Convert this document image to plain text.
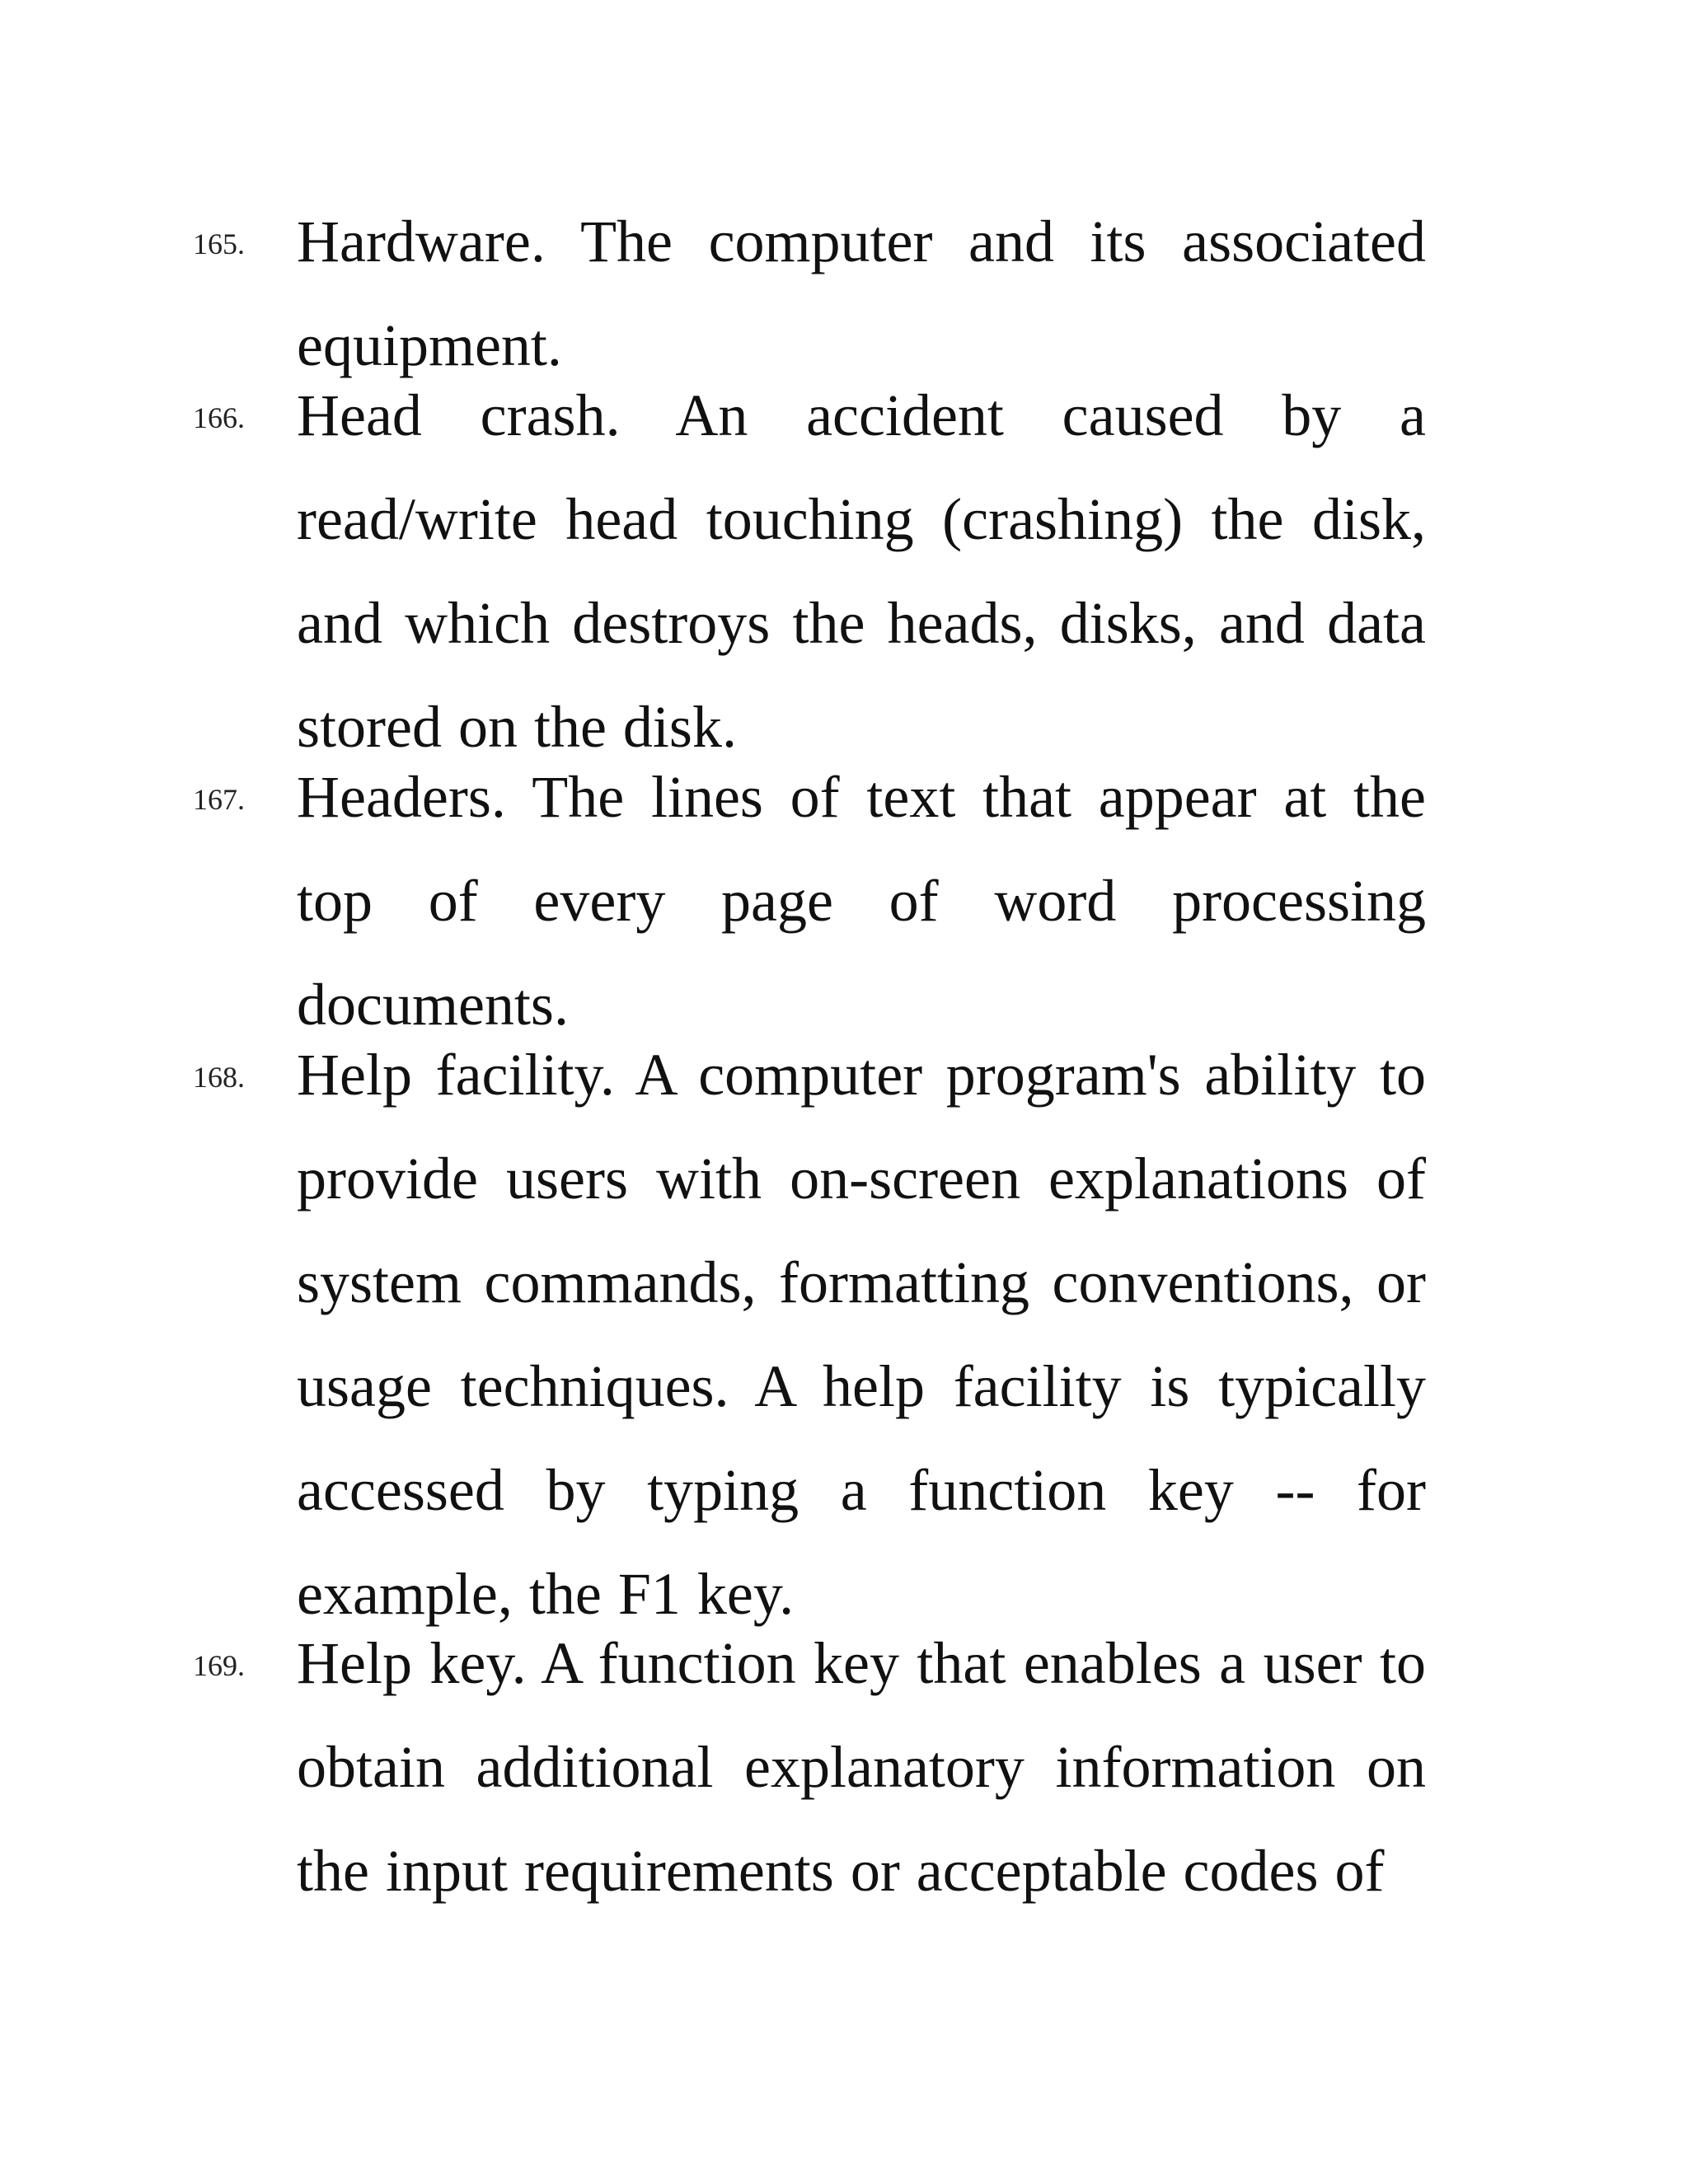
165. Hardware. The computer and its associated equipment.

166. Head crash. An accident caused by a read/write head touching (crashing) the disk, and which destroys the heads, disks, and data stored on the disk.

167. Headers. The lines of text that appear at the top of every page of word processing documents.

168. Help facility. A computer program's ability to provide users with on-screen explanations of system commands, formatting conventions, or usage techniques. A help facility is typically accessed by typing a function key -- for example, the F1 key.

169. Help key. A function key that enables a user to obtain additional explanatory information on the input requirements or acceptable codes of
